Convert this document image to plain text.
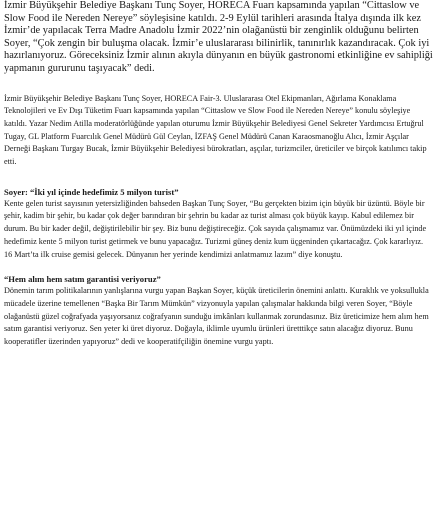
İzmir Büyükşehir Belediye Başkanı Tunç Soyer, HORECA Fuarı kapsamında yapılan “Cittaslow ve Slow Food ile Nereden Nereye” söyleşisine katıldı. 2-9 Eylül tarihleri arasında İtalya dışında ilk kez İzmir’de yapılacak Terra Madre Anadolu İzmir 2022’nin olağanüstü bir zenginlik olduğunu belirten Soyer, “Çok zengin bir buluşma olacak. İzmir’e uluslararası bilinirlik, tanınırlık kazandıracak. Çok iyi hazırlanıyoruz. Göreceksiniz İzmir alının akıyla dünyanın en büyük gastronomi etkinliğine ev sahipliği yapmanın gururunu taşıyacak” dedi.

İzmir Büyükşehir Belediye Başkanı Tunç Soyer, HORECA Fair-3. Uluslararası Otel Ekipmanları, Ağırlama Konaklama Teknolojileri ve Ev Dışı Tüketim Fuarı kapsamında yapılan “Cittaslow ve Slow Food ile Nereden Nereye” konulu söyleşiye katıldı. Yazar Nedim Atilla moderatörlüğünde yapılan oturumu İzmir Büyükşehir Belediyesi Genel Sekreter Yardımcısı Ertuğrul Tugay, GL Platform Fuarcılık Genel Müdürü Gül Ceylan, İZFAŞ Genel Müdürü Canan Karaosmanoğlu Alıcı, İzmir Aşçılar Derneği Başkanı Turgay Bucak, İzmir Büyükşehir Belediyesi bürokratları, aşçılar, turizmciler, üreticiler ve birçok katılımcı takip etti.

Soyer: “İki yıl içinde hedefimiz 5 milyon turist”

Kente gelen turist sayısının yetersizliğinden bahseden Başkan Tunç Soyer, “Bu gerçekten bizim için büyük bir üzüntü. Böyle bir şehir, kadim bir şehir, bu kadar çok değer barındıran bir şehrin bu kadar az turist alması çok büyük kayıp. Kabul edilemez bir durum. Bu bir kader değil, değiştirilebilir bir şey. Biz bunu değiştireceğiz. Çok sayıda çalışmamız var. Önümüzdeki iki yıl içinde hedefimiz kente 5 milyon turist getirmek ve bunu yapacağız. Turizmi güneş deniz kum üçgeninden çıkartacağız. Çok kararlıyız. 16 Mart’ta ilk cruise gemisi gelecek. Dünyanın her yerinde kendimizi anlatmamız lazım” diye konuştu.

“Hem alım hem satım garantisi veriyoruz”

Dönemin tarım politikalarının yanlışlarına vurgu yapan Başkan Soyer, küçük üreticilerin önemini anlattı. Kuraklık ve yoksullukla mücadele üzerine temellenen “Başka Bir Tarım Mümkün” vizyonuyla yapılan çalışmalar hakkında bilgi veren Soyer, “Böyle olağanüstü güzel coğrafyada yaşıyorsanız coğrafyanın sunduğu imkânları kullanmak zorundasınız. Biz üreticimize hem alım hem satım garantisi veriyoruz. Sen yeter ki üret diyoruz. Doğayla, iklimle uyumlu ürünleri üretttikçe satın alacağız diyoruz. Bunu kooperatifler üzerinden yapıyoruz” dedi ve kooperatifçiliğin önemine vurgu yaptı.
